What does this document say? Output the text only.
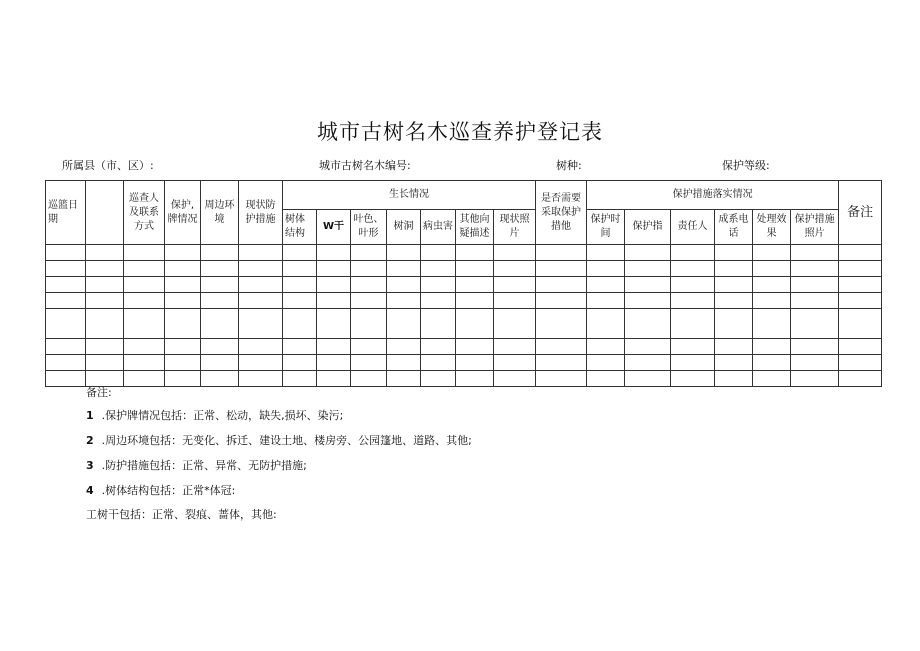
城市古树名木巡查养护登记表
所属县（市、区）:	城市古树名木编号:	树种:	保护等级:
巡篮日期		巡查人及联系方式	保护,牌情况	周边环境	现状防护措施	生长情况							是否需要采取保护措他	保护措施落实情况						备注
						树体结构	W干	叶色、叶形	树洞	病虫害	其他向疑描述	现状照片		保护时间	保护指	责任人	成系电话	处理效果	保护措施照片	

备注:
1 .保护牌情况包括：正常、松动，缺失,损坏、染污;
2 .周边环境包括：无变化、拆迁、建设土地、楼房旁、公园篷地、道路、其他;
3 .防护措施包括：正常、异常、无防护措施;
4 .树体结构包括：正常*体冠:
工树干包括：正常、裂痕、蔷体，其他:
